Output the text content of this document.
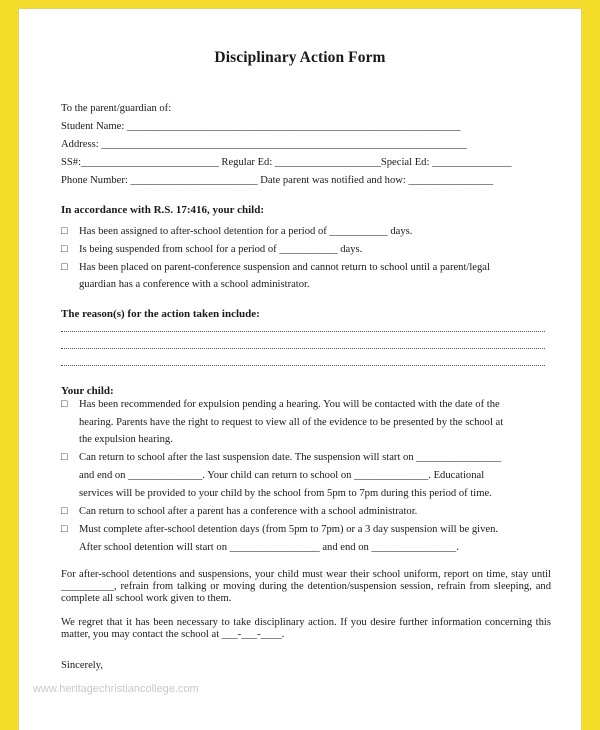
Disciplinary Action Form
To the parent/guardian of:
Student Name: _______________________________________________________________
Address: _____________________________________________________________________
SS#:__________________________ Regular Ed: ____________________Special Ed: _______________
Phone Number: ________________________ Date parent was notified and how: ________________
In accordance with R.S. 17:416, your child:
□ Has been assigned to after-school detention for a period of ___________ days.
□ Is being suspended from school for a period of ___________ days.
□ Has been placed on parent-conference suspension and cannot return to school until a parent/legal
guardian has a conference with a school administrator.
The reason(s) for the action taken include:
Your child:
□ Has been recommended for expulsion pending a hearing. You will be contacted with the date of the
hearing. Parents have the right to request to view all of the evidence to be presented by the school at
the expulsion hearing.
□ Can return to school after the last suspension date. The suspension will start on ________________
and end on ______________. Your child can return to school on ______________. Educational
services will be provided to your child by the school from 5pm to 7pm during this period of time.
□ Can return to school after a parent has a conference with a school administrator.
□ Must complete after-school detention days (from 5pm to 7pm) or a 3 day suspension will be given.
After school detention will start on _________________ and end on ________________.
For after-school detentions and suspensions, your child must wear their school uniform, report on time, stay until __________, refrain from talking or moving during the detention/suspension session, refrain from sleeping, and complete all school work given to them.
We regret that it has been necessary to take disciplinary action. If you desire further information concerning this matter, you may contact the school at ___-___-____.
Sincerely,
www.heritagechristiancollege.com
